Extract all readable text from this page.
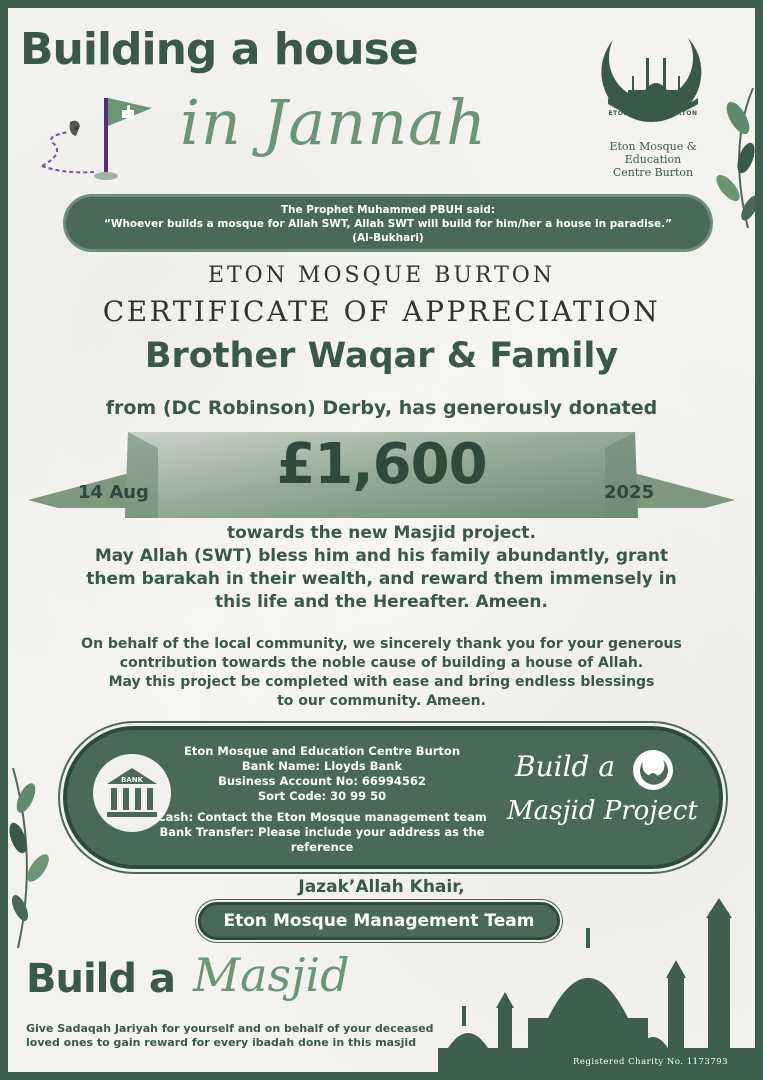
Building a house
in Jannah	ETON MOSQUE BURTON
Eton Mosque & Education
Centre Burton
The Prophet Muhammed PBUH said:
“Whoever builds a mosque for Allah SWT, Allah SWT will build for him/her a house in paradise.”
(Al-Bukhari)
ETON MOSQUE BURTON
CERTIFICATE OF APPRECIATION
Brother Waqar & Family
from (DC Robinson) Derby, has generously donated
£1,600
14 Aug	2025
towards the new Masjid project.
May Allah (SWT) bless him and his family abundantly, grant
them barakah in their wealth, and reward them immensely in
this life and the Hereafter. Ameen.
On behalf of the local community, we sincerely thank you for your generous
contribution towards the noble cause of building a house of Allah.
May this project be completed with ease and bring endless blessings
to our community. Ameen.
BANK
Eton Mosque and Education Centre Burton
Bank Name: Lloyds Bank
Business Account No: 66994562
Sort Code: 30 99 50
Cash: Contact the Eton Mosque management team
Bank Transfer: Please include your address as the reference
Build a
Masjid Project
Jazak’Allah Khair,
Eton Mosque Management Team
Build a Masjid
Give Sadaqah Jariyah for yourself and on behalf of your deceased
loved ones to gain reward for every ibadah done in this masjid
Registered Charity No. 1173793
